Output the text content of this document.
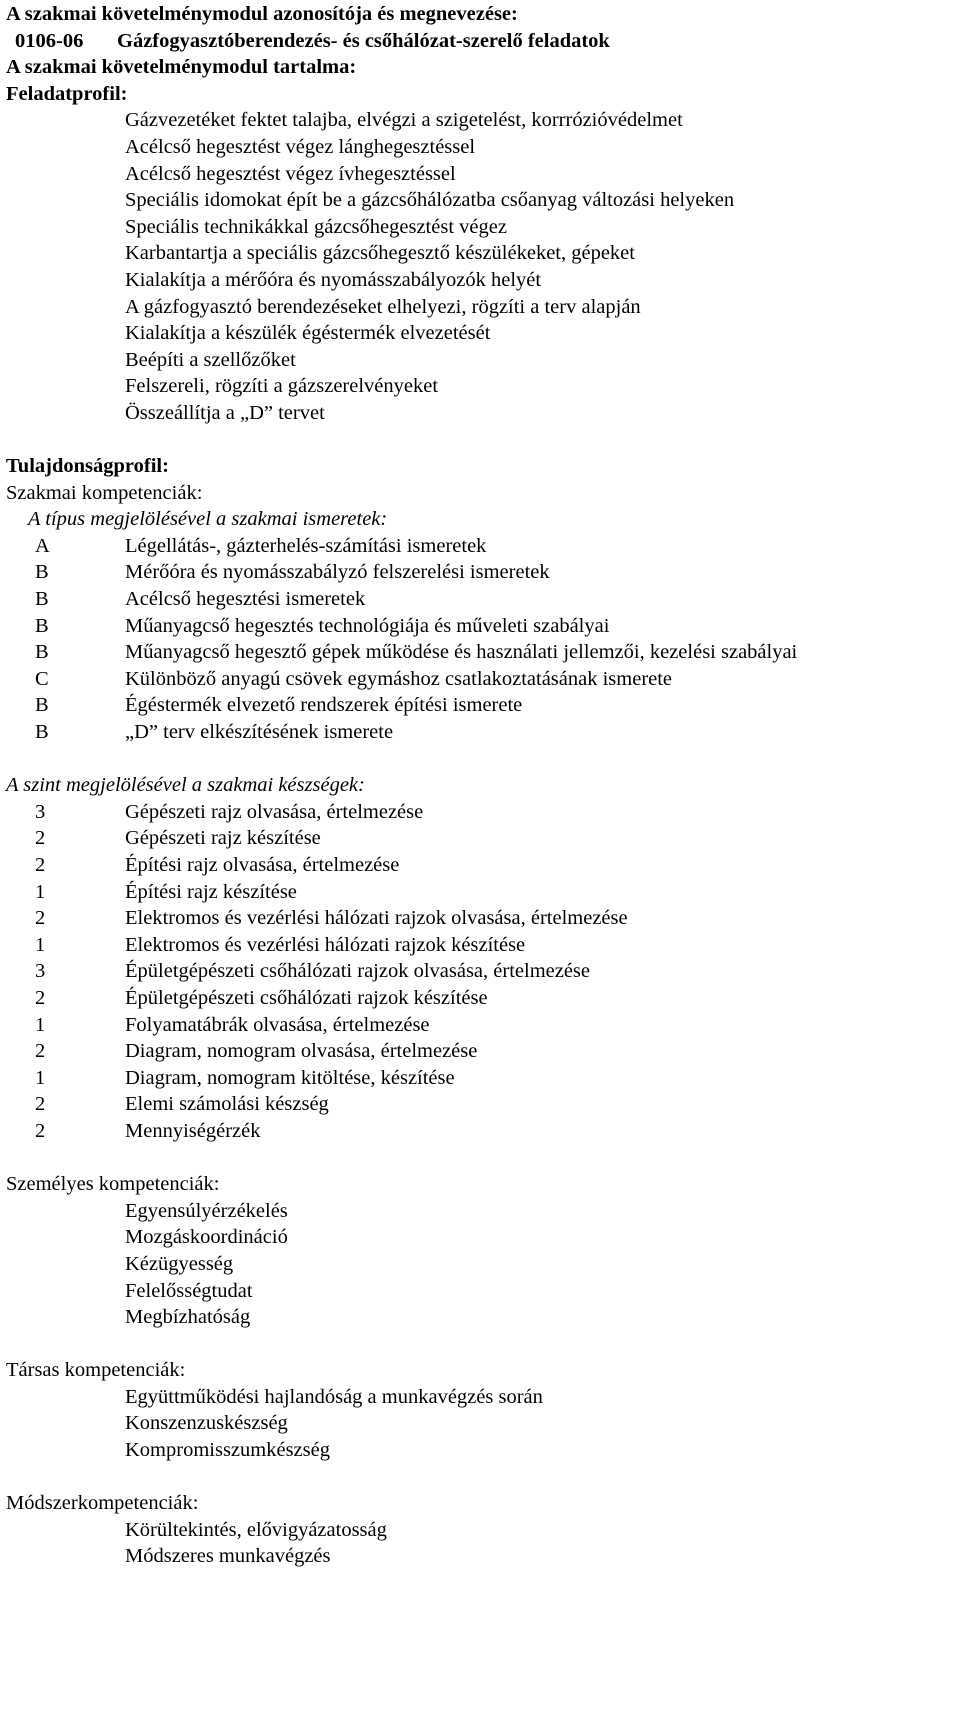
A szakmai követelménymodul azonosítója és megnevezése:
0106-06	Gázfogyasztóberendezés- és csőhálózat-szerelő feladatok
A szakmai követelménymodul tartalma:
Feladatprofil:
Gázvezetéket fektet talajba, elvégzi a szigetelést, korrrózióvédelmet
Acélcső hegesztést végez lánghegesztéssel
Acélcső hegesztést végez ívhegesztéssel
Speciális idomokat épít be a gázcsőhálózatba csőanyag változási helyeken
Speciális technikákkal gázcsőhegesztést végez
Karbantartja a speciális gázcsőhegesztő készülékeket, gépeket
Kialakítja a mérőóra és nyomásszabályozók helyét
A gázfogyasztó berendezéseket elhelyezi, rögzíti a terv alapján
Kialakítja a készülék égéstermék elvezetését
Beépíti a szellőzőket
Felszereli, rögzíti a gázszerelvényeket
Összeállítja a „D” tervet
Tulajdonságprofil:
Szakmai kompetenciák:
A típus megjelölésével a szakmai ismeretek:
A	Légellátás-, gázterhelés-számítási ismeretek
B	Mérőóra és nyomásszabályzó felszerelési ismeretek
B	Acélcső hegesztési ismeretek
B	Műanyagcső hegesztés technológiája és műveleti szabályai
B	Műanyagcső hegesztő gépek működése és használati jellemzői, kezelési szabályai
C	Különböző anyagú csövek egymáshoz csatlakoztatásának ismerete
B	Égéstermék elvezető rendszerek építési ismerete
B	„D” terv elkészítésének ismerete
A szint megjelölésével a szakmai készségek:
3	Gépészeti rajz olvasása, értelmezése
2	Gépészeti rajz készítése
2	Építési rajz olvasása, értelmezése
1	Építési rajz készítése
2	Elektromos és vezérlési hálózati rajzok olvasása, értelmezése
1	Elektromos és vezérlési hálózati rajzok készítése
3	Épületgépészeti csőhálózati rajzok olvasása, értelmezése
2	Épületgépészeti csőhálózati rajzok készítése
1	Folyamatábrák olvasása, értelmezése
2	Diagram, nomogram olvasása, értelmezése
1	Diagram, nomogram kitöltése, készítése
2	Elemi számolási készség
2	Mennyiségérzék
Személyes kompetenciák:
Egyensúlyérzékelés
Mozgáskoordináció
Kézügyesség
Felelősségtudat
Megbízhatóság
Társas kompetenciák:
Együttműködési hajlandóság a munkavégzés során
Konszenzuskészség
Kompromisszumkészség
Módszerkompetenciák:
Körültekintés, elővigyázatosság
Módszeres munkavégzés
